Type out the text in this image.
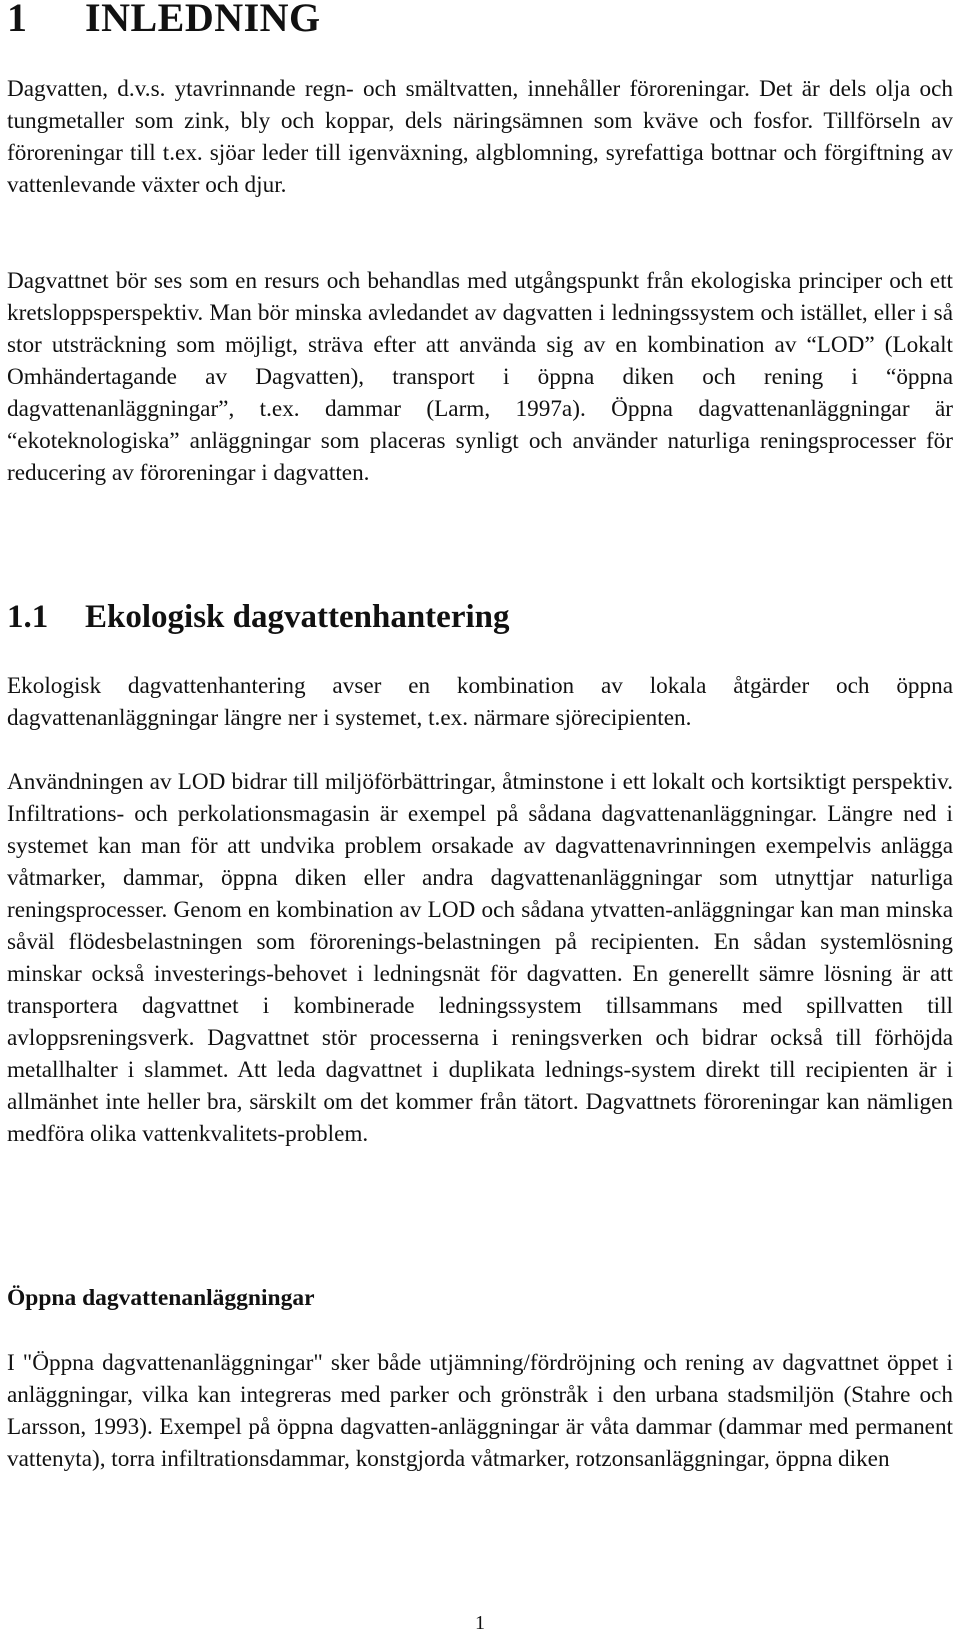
1 INLEDNING

Dagvatten, d.v.s. ytavrinnande regn- och smältvatten, innehåller föroreningar. Det är dels olja och tungmetaller som zink, bly och koppar, dels näringsämnen som kväve och fosfor. Tillförseln av föroreningar till t.ex. sjöar leder till igenväxning, algblomning, syrefattiga bottnar och förgiftning av vattenlevande växter och djur.

Dagvattnet bör ses som en resurs och behandlas med utgångspunkt från ekologiska principer och ett kretsloppsperspektiv. Man bör minska avledandet av dagvatten i ledningssystem och istället, eller i så stor utsträckning som möjligt, sträva efter att använda sig av en kombination av “LOD” (Lokalt Omhändertagande av Dagvatten), transport i öppna diken och rening i “öppna dagvattenanläggningar”, t.ex. dammar (Larm, 1997a). Öppna dagvattenanläggningar är “ekoteknologiska” anläggningar som placeras synligt och använder naturliga reningsprocesser för reducering av föroreningar i dagvatten.

1.1 Ekologisk dagvattenhantering

Ekologisk dagvattenhantering avser en kombination av lokala åtgärder och öppna dagvattenanläggningar längre ner i systemet, t.ex. närmare sjörecipienten.

Användningen av LOD bidrar till miljöförbättringar, åtminstone i ett lokalt och kortsiktigt perspektiv. Infiltrations- och perkolationsmagasin är exempel på sådana dagvattenanläggningar. Längre ned i systemet kan man för att undvika problem orsakade av dagvattenavrinningen exempelvis anlägga våtmarker, dammar, öppna diken eller andra dagvattenanläggningar som utnyttjar naturliga reningsprocesser. Genom en kombination av LOD och sådana ytvatten-anläggningar kan man minska såväl flödesbelastningen som förorenings-belastningen på recipienten. En sådan systemlösning minskar också investerings-behovet i ledningsnät för dagvatten. En generellt sämre lösning är att transportera dagvattnet i kombinerade ledningssystem tillsammans med spillvatten till avloppsreningsverk. Dagvattnet stör processerna i reningsverken och bidrar också till förhöjda metallhalter i slammet. Att leda dagvattnet i duplikata lednings-system direkt till recipienten är i allmänhet inte heller bra, särskilt om det kommer från tätort. Dagvattnets föroreningar kan nämligen medföra olika vattenkvalitets-problem.

Öppna dagvattenanläggningar

I "Öppna dagvattenanläggningar" sker både utjämning/fördröjning och rening av dagvattnet öppet i anläggningar, vilka kan integreras med parker och grönstråk i den urbana stadsmiljön (Stahre och Larsson, 1993). Exempel på öppna dagvatten-anläggningar är våta dammar (dammar med permanent vattenyta), torra infiltrationsdammar, konstgjorda våtmarker, rotzonsanläggningar, öppna diken

1
